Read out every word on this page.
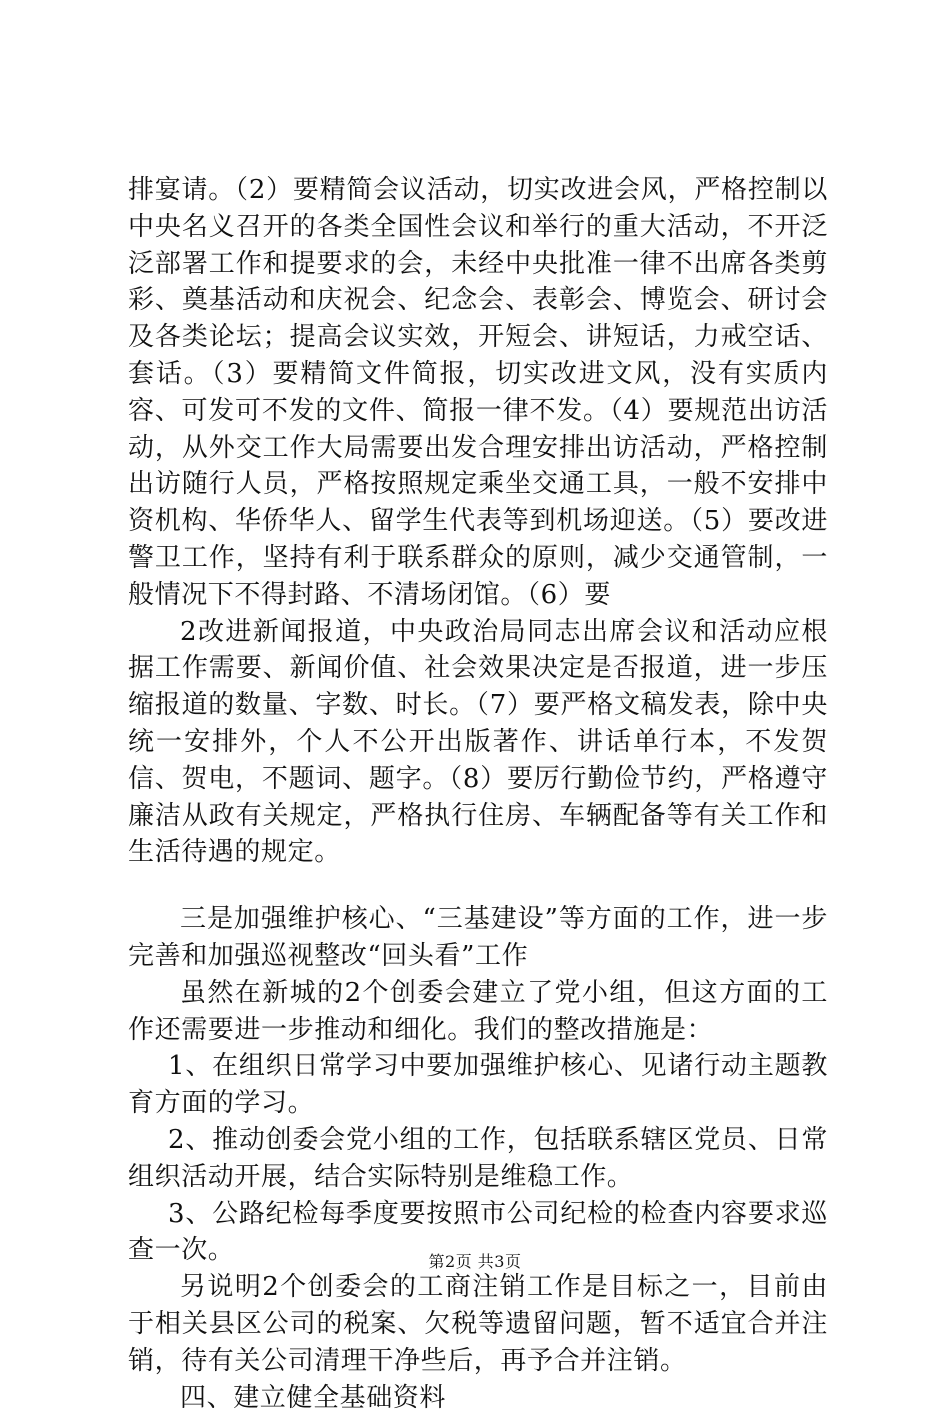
排宴请。（2）要精简会议活动，切实改进会风，严格控制以中央名义召开的各类全国性会议和举行的重大活动，不开泛泛部署工作和提要求的会，未经中央批准一律不出席各类剪彩、奠基活动和庆祝会、纪念会、表彰会、博览会、研讨会及各类论坛；提高会议实效，开短会、讲短话，力戒空话、套话。（3）要精简文件简报，切实改进文风，没有实质内容、可发可不发的文件、简报一律不发。（4）要规范出访活动，从外交工作大局需要出发合理安排出访活动，严格控制出访随行人员，严格按照规定乘坐交通工具，一般不安排中资机构、华侨华人、留学生代表等到机场迎送。（5）要改进警卫工作，坚持有利于联系群众的原则，减少交通管制，一般情况下不得封路、不清场闭馆。（6）要

2改进新闻报道，中央政治局同志出席会议和活动应根据工作需要、新闻价值、社会效果决定是否报道，进一步压缩报道的数量、字数、时长。（7）要严格文稿发表，除中央统一安排外，个人不公开出版著作、讲话单行本，不发贺信、贺电，不题词、题字。（8）要厉行勤俭节约，严格遵守廉洁从政有关规定，严格执行住房、车辆配备等有关工作和生活待遇的规定。

三是加强维护核心、“三基建设”等方面的工作，进一步完善和加强巡视整改“回头看”工作

虽然在新城的2个创委会建立了党小组，但这方面的工作还需要进一步推动和细化。我们的整改措施是：

1、在组织日常学习中要加强维护核心、见诸行动主题教育方面的学习。

2、推动创委会党小组的工作，包括联系辖区党员、日常组织活动开展，结合实际特别是维稳工作。

3、公路纪检每季度要按照市公司纪检的检查内容要求巡查一次。

另说明2个创委会的工商注销工作是目标之一，目前由于相关县区公司的税案、欠税等遗留问题，暂不适宜合并注销，待有关公司清理干净些后，再予合并注销。

四、建立健全基础资料

第2页 共3页
